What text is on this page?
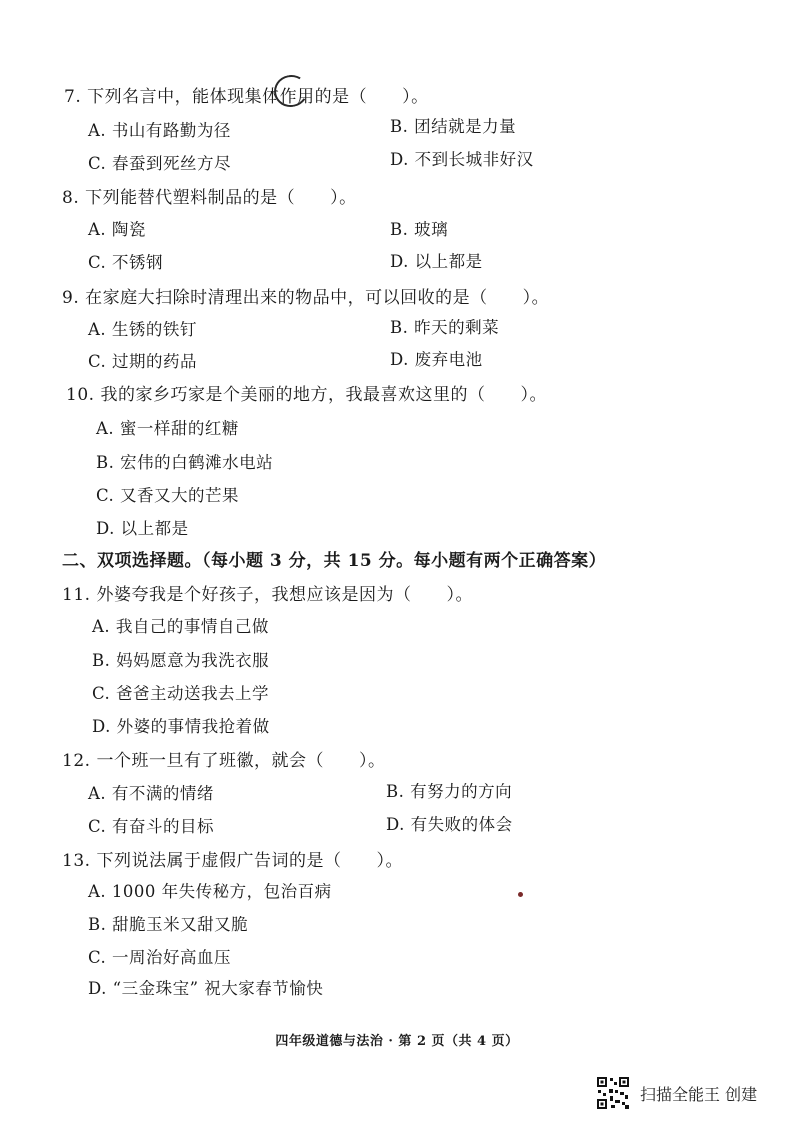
7. 下列名言中，能体现集体作用的是（　　）。
A. 书山有路勤为径	B. 团结就是力量
C. 春蚕到死丝方尽	D. 不到长城非好汉
8. 下列能替代塑料制品的是（　　）。
A. 陶瓷	B. 玻璃
C. 不锈钢	D. 以上都是
9. 在家庭大扫除时清理出来的物品中，可以回收的是（　　）。
A. 生锈的铁钉	B. 昨天的剩菜
C. 过期的药品	D. 废弃电池
10. 我的家乡巧家是个美丽的地方，我最喜欢这里的（　　）。
A. 蜜一样甜的红糖
B. 宏伟的白鹤滩水电站
C. 又香又大的芒果
D. 以上都是
二、双项选择题。（每小题 3 分，共 15 分。每小题有两个正确答案）
11. 外婆夸我是个好孩子，我想应该是因为（　　）。
A. 我自己的事情自己做
B. 妈妈愿意为我洗衣服
C. 爸爸主动送我去上学
D. 外婆的事情我抢着做
12. 一个班一旦有了班徽，就会（　　）。
A. 有不满的情绪	B. 有努力的方向
C. 有奋斗的目标	D. 有失败的体会
13. 下列说法属于虚假广告词的是（　　）。
A. 1000 年失传秘方，包治百病
B. 甜脆玉米又甜又脆
C. 一周治好高血压
D. “三金珠宝” 祝大家春节愉快
四年级道德与法治 · 第 2 页（共 4 页）
扫描全能王 创建
